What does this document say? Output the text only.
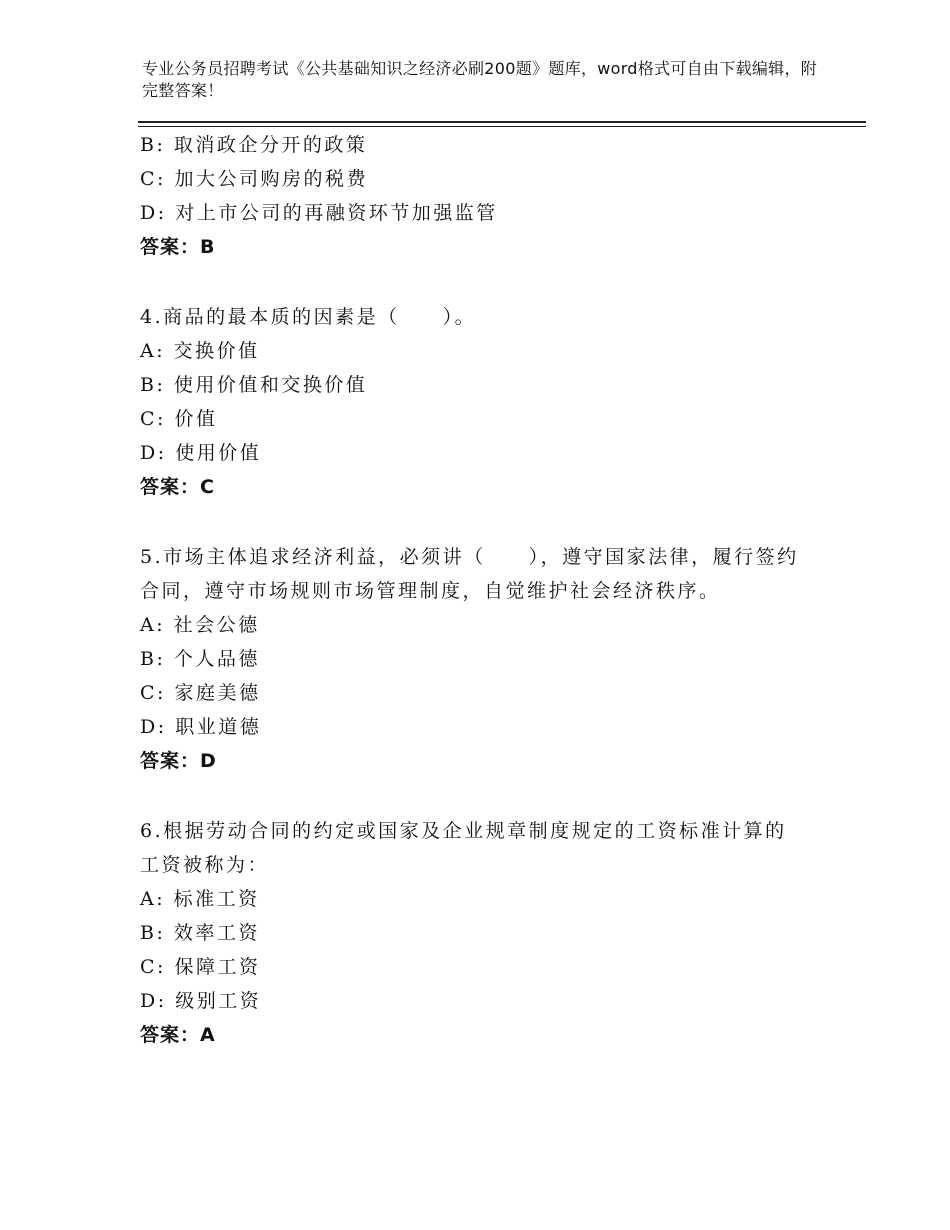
专业公务员招聘考试《公共基础知识之经济必刷200题》题库，word格式可自由下载编辑，附完整答案！
B: 取消政企分开的政策
C: 加大公司购房的税费
D: 对上市公司的再融资环节加强监管
答案：B
4.商品的最本质的因素是（　　）。
A: 交换价值
B: 使用价值和交换价值
C: 价值
D: 使用价值
答案：C
5.市场主体追求经济利益，必须讲（　　），遵守国家法律，履行签约合同，遵守市场规则市场管理制度，自觉维护社会经济秩序。
A: 社会公德
B: 个人品德
C: 家庭美德
D: 职业道德
答案：D
6.根据劳动合同的约定或国家及企业规章制度规定的工资标准计算的工资被称为：
A: 标准工资
B: 效率工资
C: 保障工资
D: 级别工资
答案：A
